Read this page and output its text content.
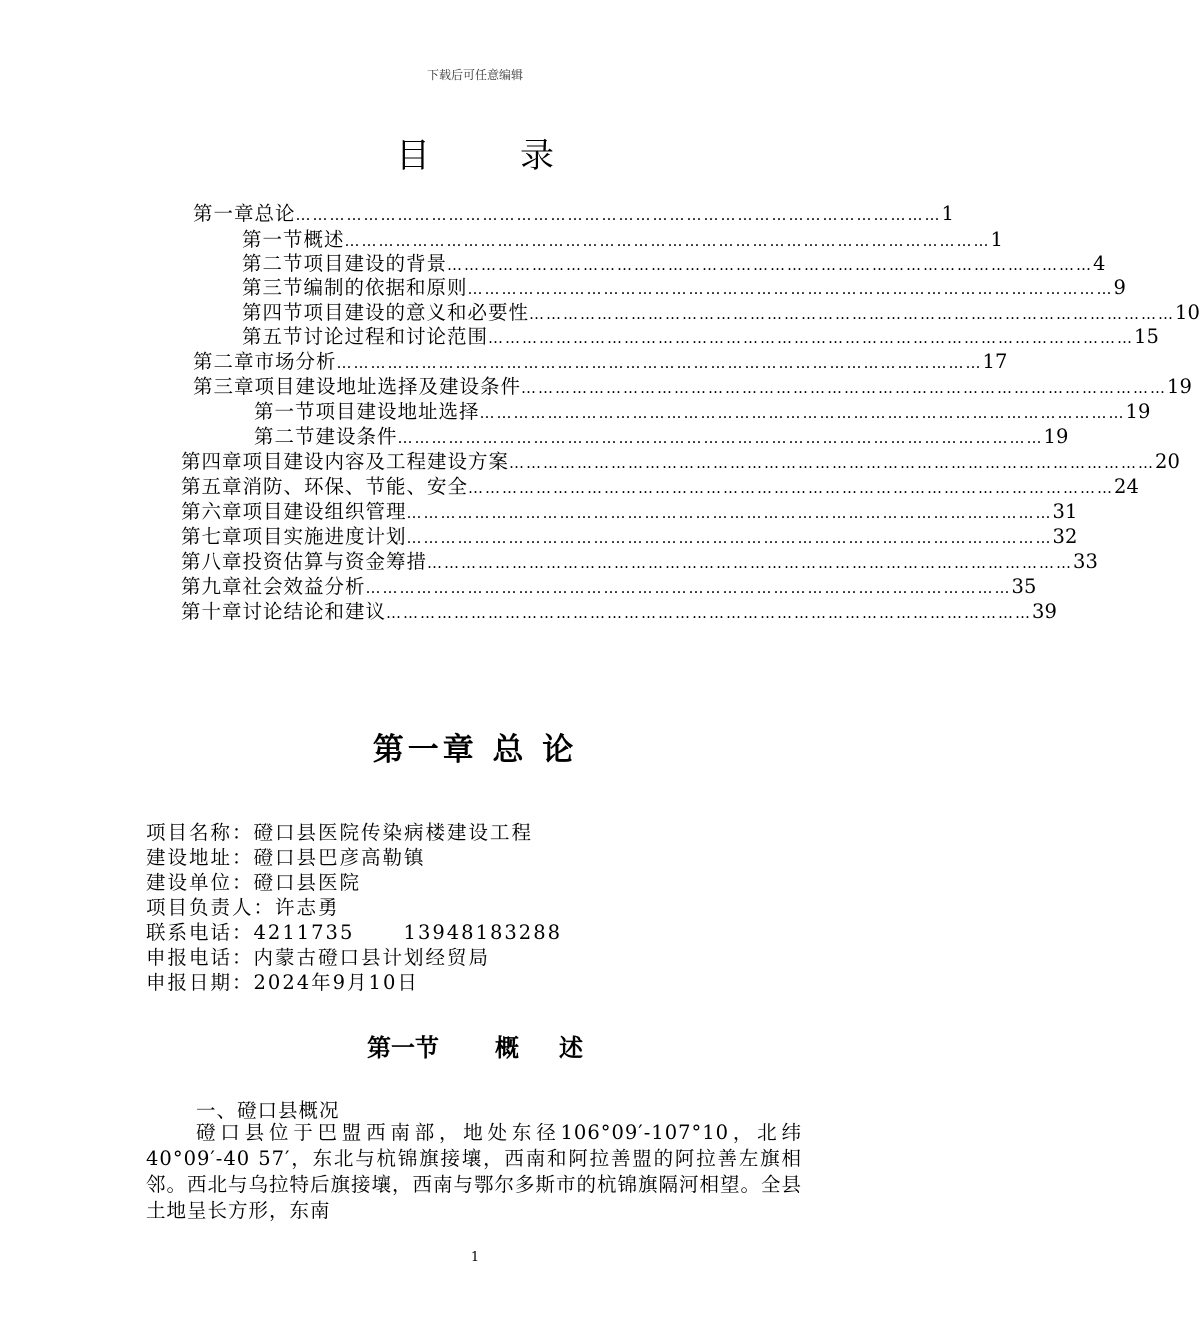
下载后可任意编辑
目录
第一章 总论 …………………………………………………………………………………………………… 1
第一节 概述 …………………………………………………………………………………………………… 1
第二节 项目建设的背景 …………………………………………………………………………………………………… 4
第三节 编制的依据和原则 …………………………………………………………………………………………………… 9
第四节 项目建设的意义和必要性 …………………………………………………………………………………………………… 10
第五节 讨论过程和讨论范围 …………………………………………………………………………………………………… 15
第二章 市场分析 …………………………………………………………………………………………………… 17
第三章 项目建设地址选择及建设条件 …………………………………………………………………………………………………… 19
第一节 项目建设地址选择 …………………………………………………………………………………………………… 19
第二节 建设条件 …………………………………………………………………………………………………… 19
第四章 项目建设内容及工程建设方案 …………………………………………………………………………………………………… 20
第五章 消防、环保、节能、安全 …………………………………………………………………………………………………… 24
第六章 项目建设组织管理 …………………………………………………………………………………………………… 31
第七章 项目实施进度计划 …………………………………………………………………………………………………… 32
第八章 投资估算与资金筹措 …………………………………………………………………………………………………… 33
第九章 社会效益分析 …………………………………………………………………………………………………… 35
第十章 讨论结论和建议 …………………………………………………………………………………………………… 39
第一章 总 论
项目名称：磴口县医院传染病楼建设工程
建设地址：磴口县巴彦高勒镇
建设单位：磴口县医院
项目负责人：许志勇
联系电话：4211735      13948183288
申报电话：内蒙古磴口县计划经贸局
申报日期：2024年9月10日
第一节 概 述
一、磴口县概况

磴口县位于巴盟西南部，地处东径106°09′-107°10，北纬40°09′-40 57′，东北与杭锦旗接壤，西南和阿拉善盟的阿拉善左旗相邻。西北与乌拉特后旗接壤，西南与鄂尔多斯市的杭锦旗隔河相望。全县土地呈长方形，东南

1
